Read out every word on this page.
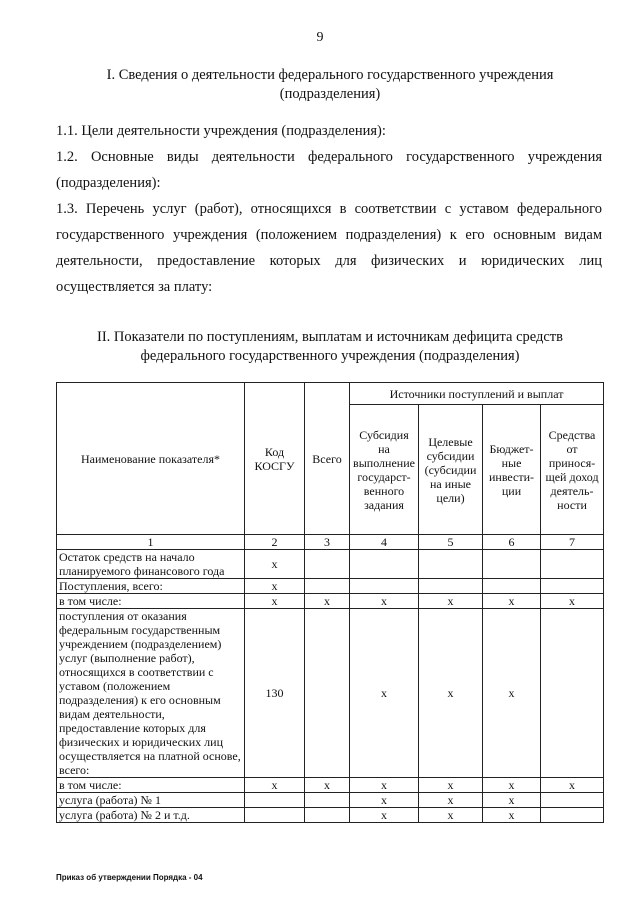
9
I. Сведения о деятельности федерального государственного учреждения
(подразделения)
1.1. Цели деятельности учреждения (подразделения):
1.2. Основные виды деятельности федерального государственного учреждения
(подразделения):
1.3. Перечень услуг (работ), относящихся в соответствии с уставом федерального
государственного учреждения (положением подразделения) к его основным видам
деятельности, предоставление которых для физических и юридических лиц
осуществляется за плату:
II. Показатели по поступлениям, выплатам и источникам дефицита средств
федерального государственного учреждения (подразделения)
Наименование показателя*	Код КОСГУ	Всего	Источники поступлений и выплат			
			Субсидия на выполнение государст-венного задания	Целевые субсидии (субсидии на иные цели)	Бюджет-ные инвести-ции	Средства от принося-щей доход деятель-ности
1	2	3	4	5	6	7
Остаток средств на начало планируемого финансового года	x					
Поступления, всего:	x					
в том числе:	x	x	x	x	x	x
поступления от оказания федеральным государственным учреждением (подразделением) услуг (выполнение работ), относящихся в соответствии с уставом (положением подразделения) к его основным видам деятельности, предоставление которых для физических и юридических лиц осуществляется на платной основе, всего:	130		x	x	x	
в том числе:	x	x	x	x	x	x
услуга (работа) № 1			x	x	x	
услуга (работа) № 2 и т.д.			x	x	x	
Приказ об утверждении Порядка - 04
